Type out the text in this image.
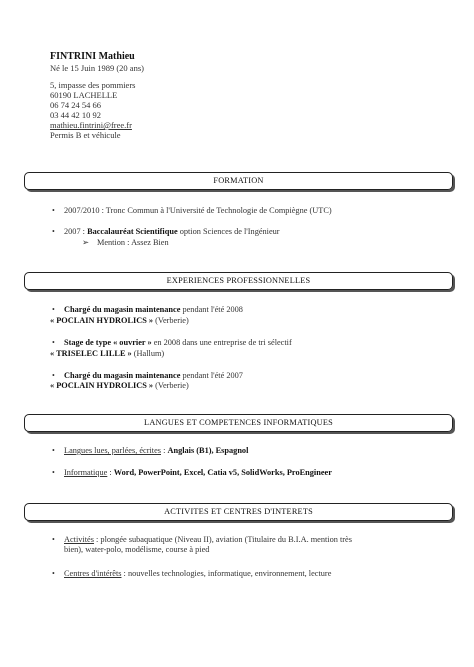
FINTRINI Mathieu
Né le 15 Juin 1989 (20 ans)
5, impasse des pommiers
60190 LACHELLE
06 74 24 54 66
03 44 42 10 92
mathieu.fintrini@free.fr
Permis B et véhicule
FORMATION
• 2007/2010 : Tronc Commun à l'Université de Technologie de Compiègne (UTC)
• 2007 : Baccalauréat Scientifique option Sciences de l'Ingénieur
➢ Mention : Assez Bien
EXPERIENCES PROFESSIONNELLES
• Chargé du magasin maintenance pendant l'été 2008
« POCLAIN HYDROLICS » (Verberie)
• Stage de type « ouvrier » en 2008 dans une entreprise de tri sélectif
« TRISELEC LILLE » (Hallum)
• Chargé du magasin maintenance pendant l'été 2007
« POCLAIN HYDROLICS » (Verberie)
LANGUES ET COMPETENCES INFORMATIQUES
• Langues lues, parlées, écrites : Anglais (B1), Espagnol
• Informatique : Word, PowerPoint, Excel, Catia v5, SolidWorks, ProEngineer
ACTIVITES ET CENTRES D'INTERETS
• Activités : plongée subaquatique (Niveau II), aviation (Titulaire du B.I.A. mention très
bien), water-polo, modélisme, course à pied
• Centres d'intérêts : nouvelles technologies, informatique, environnement, lecture
